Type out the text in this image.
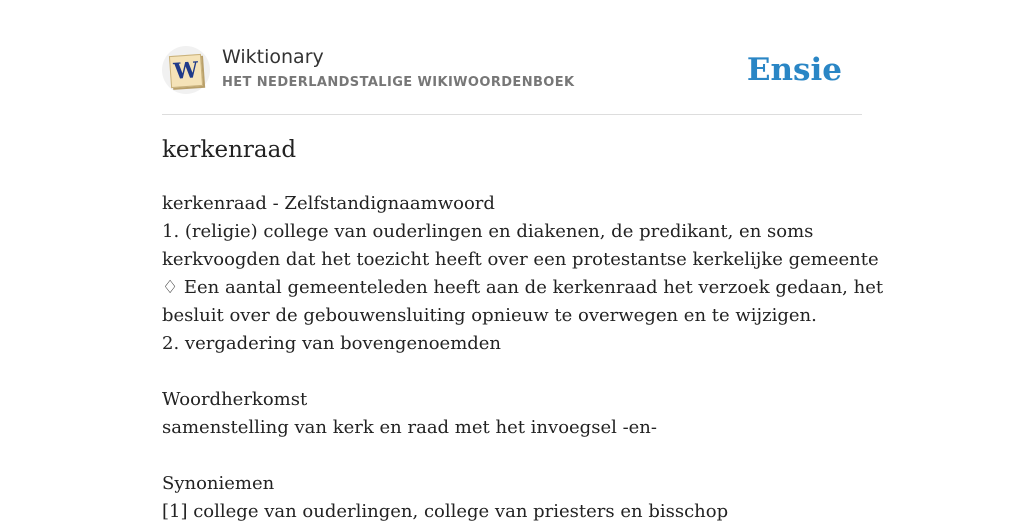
W
Wiktionary
HET NEDERLANDSTALIGE WIKIWOORDENBOEK	Ensie
kerkenraad
kerkenraad - Zelfstandignaamwoord
1. (religie) college van ouderlingen en diakenen, de predikant, en soms
kerkvoogden dat het toezicht heeft over een protestantse kerkelijke gemeente
♢ Een aantal gemeenteleden heeft aan de kerkenraad het verzoek gedaan, het
besluit over de gebouwensluiting opnieuw te overwegen en te wijzigen.
2. vergadering van bovengenoemden
Woordherkomst
samenstelling van kerk en raad met het invoegsel -en-
Synoniemen
[1] college van ouderlingen, college van priesters en bisschop
